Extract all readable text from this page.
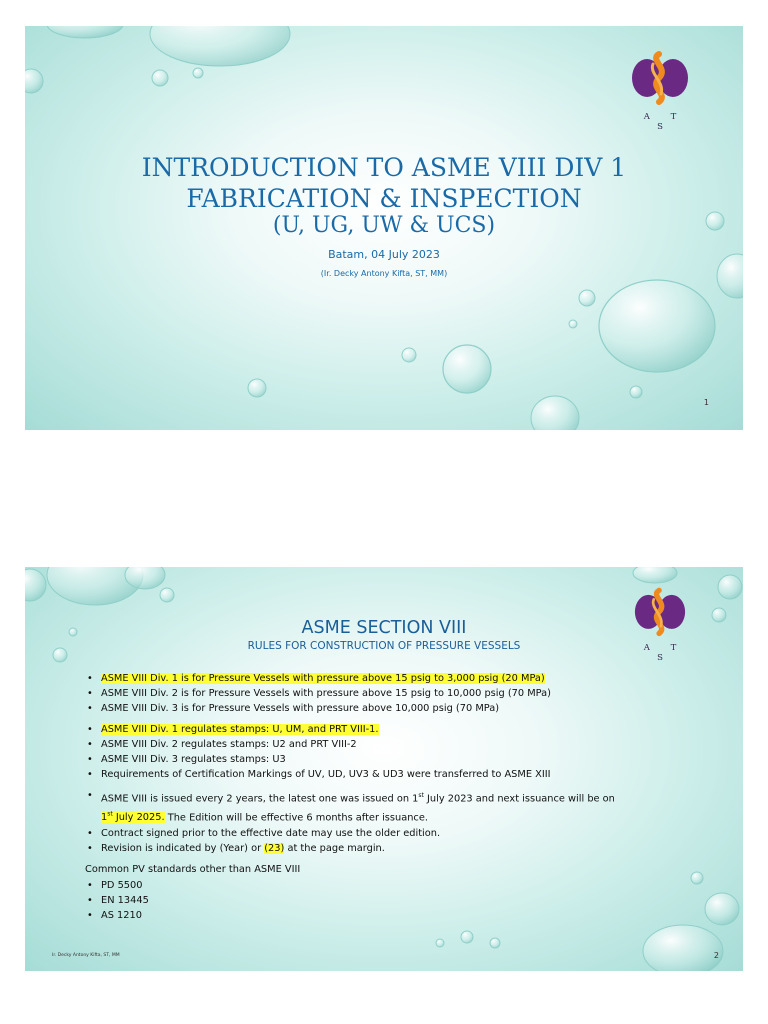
A T S
INTRODUCTION TO ASME VIII DIV 1
FABRICATION & INSPECTION
(U, UG, UW & UCS)
Batam, 04 July 2023
(Ir. Decky Antony Kifta, ST, MM)
1
A T S
ASME SECTION VIII
RULES FOR CONSTRUCTION OF PRESSURE VESSELS
• ASME VIII Div. 1 is for Pressure Vessels with pressure above 15 psig to 3,000 psig (20 MPa)
• ASME VIII Div. 2 is for Pressure Vessels with pressure above 15 psig to 10,000 psig (70 MPa)
• ASME VIII Div. 3 is for Pressure Vessels with pressure above 10,000 psig (70 MPa)
• ASME VIII Div. 1 regulates stamps: U, UM, and PRT VIII-1.
• ASME VIII Div. 2 regulates stamps: U2 and PRT VIII-2
• ASME VIII Div. 3 regulates stamps: U3
• Requirements of Certification Markings of UV, UD, UV3 & UD3 were transferred to ASME XIII
• ASME VIII is issued every 2 years, the latest one was issued on 1st July 2023 and next issuance will be on
1st July 2025. The Edition will be effective 6 months after issuance.
• Contract signed prior to the effective date may use the older edition.
• Revision is indicated by (Year) or (23) at the page margin.
Common PV standards other than ASME VIII
• PD 5500
• EN 13445
• AS 1210
Ir. Decky Antony Kifta, ST, MM	2
